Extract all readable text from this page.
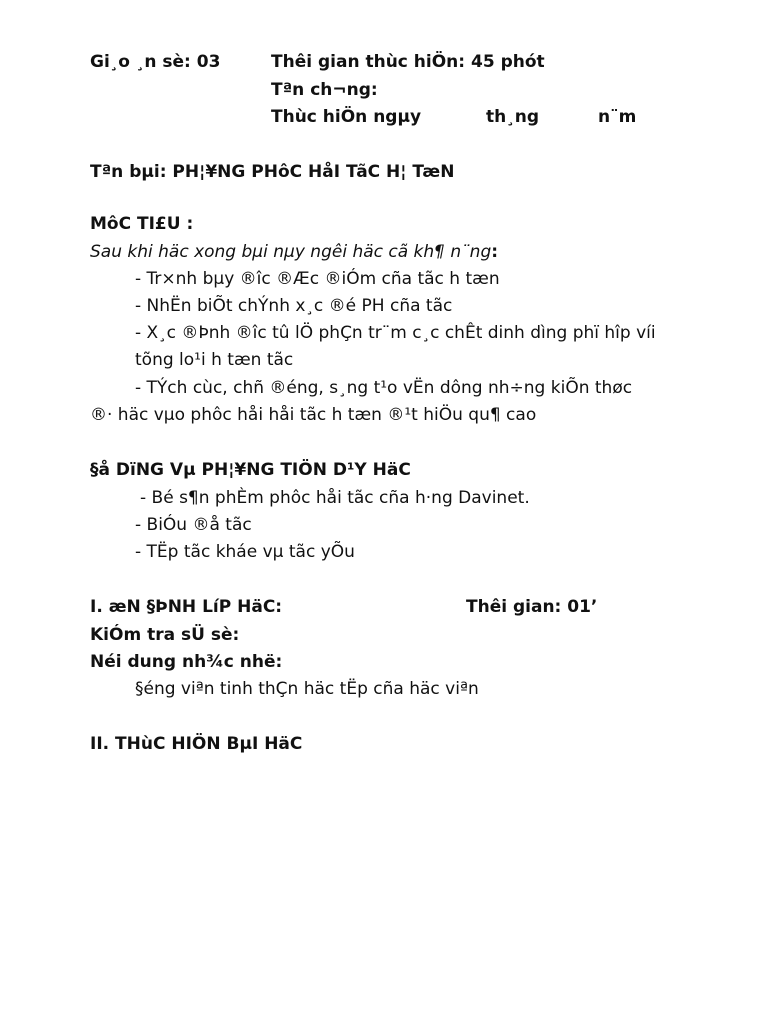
Gi¸o ¸n sè: 03	Thêi gian thùc hiÖn: 45 phót
Tªn ch¬ng:
Thùc hiÖn ngµy	th¸ng	n¨m
Tªn bµi: PH¦¥NG PHôC HåI TãC H¦ TæN
MôC TI£U :
Sau khi häc xong bµi nµy ngêi häc cã kh¶ n¨ng:
- Tr×nh bµy ®îc ®Æc ®iÓm cña tãc h tæn
- NhËn biÕt chÝnh x¸c ®é PH cña tãc
- X¸c ®Þnh ®îc tû lÖ phÇn tr¨m c¸c chÊt dinh dìng phï hîp víi
tõng lo¹i h tæn tãc
- TÝch cùc, chñ ®éng, s¸ng t¹o vËn dông nh÷ng kiÕn thøc
®· häc vµo phôc håi håi tãc h tæn ®¹t hiÖu qu¶ cao
§å DïNG Vµ PH¦¥NG TIÖN D¹Y HäC
- Bé s¶n phÈm phôc håi tãc cña h·ng Davinet.
- BiÓu ®å tãc
- TËp tãc kháe vµ tãc yÕu
I. æN §ÞNH LíP HäC:	Thêi gian: 01’
KiÓm tra sÜ sè:
Néi dung nh¾c nhë:
§éng viªn tinh thÇn häc tËp cña häc viªn
II. THùC HIÖN BµI HäC
